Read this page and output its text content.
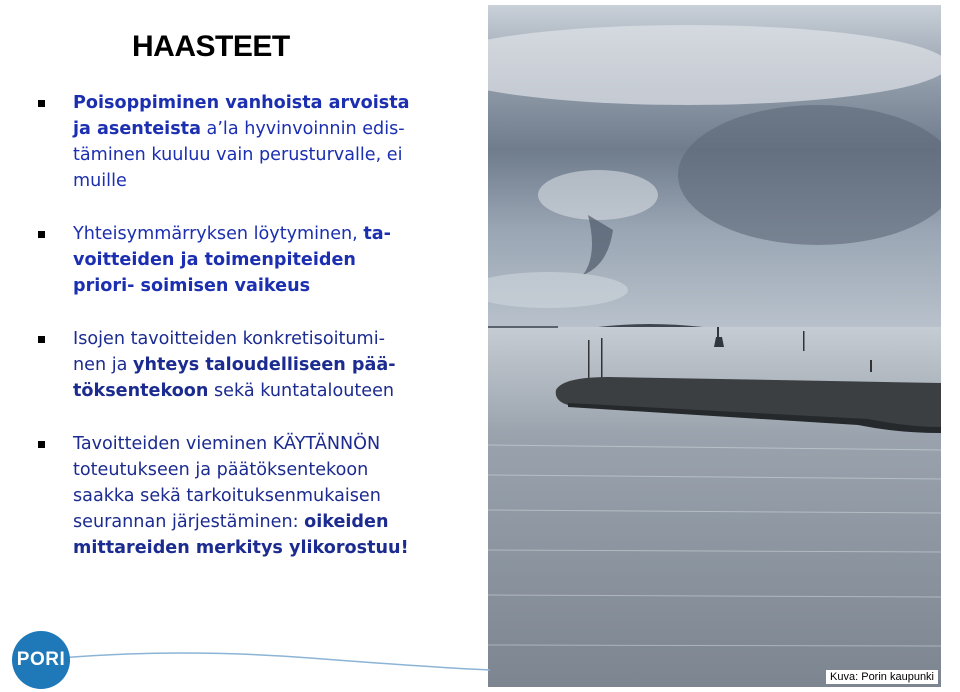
HAASTEET
Poisoppiminen vanhoista arvoista
ja asenteista a’la hyvinvoinnin edis-
täminen kuuluu vain perusturvalle, ei
muille
Yhteisymmärryksen löytyminen, ta-
voitteiden ja toimenpiteiden
priori- soimisen vaikeus
Isojen tavoitteiden konkretisoitumi-
nen ja yhteys taloudelliseen pää-
töksentekoon sekä kuntatalouteen
Tavoitteiden vieminen KÄYTÄNNÖN
toteutukseen ja päätöksentekoon
saakka sekä tarkoituksenmukaisen
seurannan järjestäminen: oikeiden
mittareiden merkitys ylikorostuu!
Kuva: Porin kaupunki
PORI
